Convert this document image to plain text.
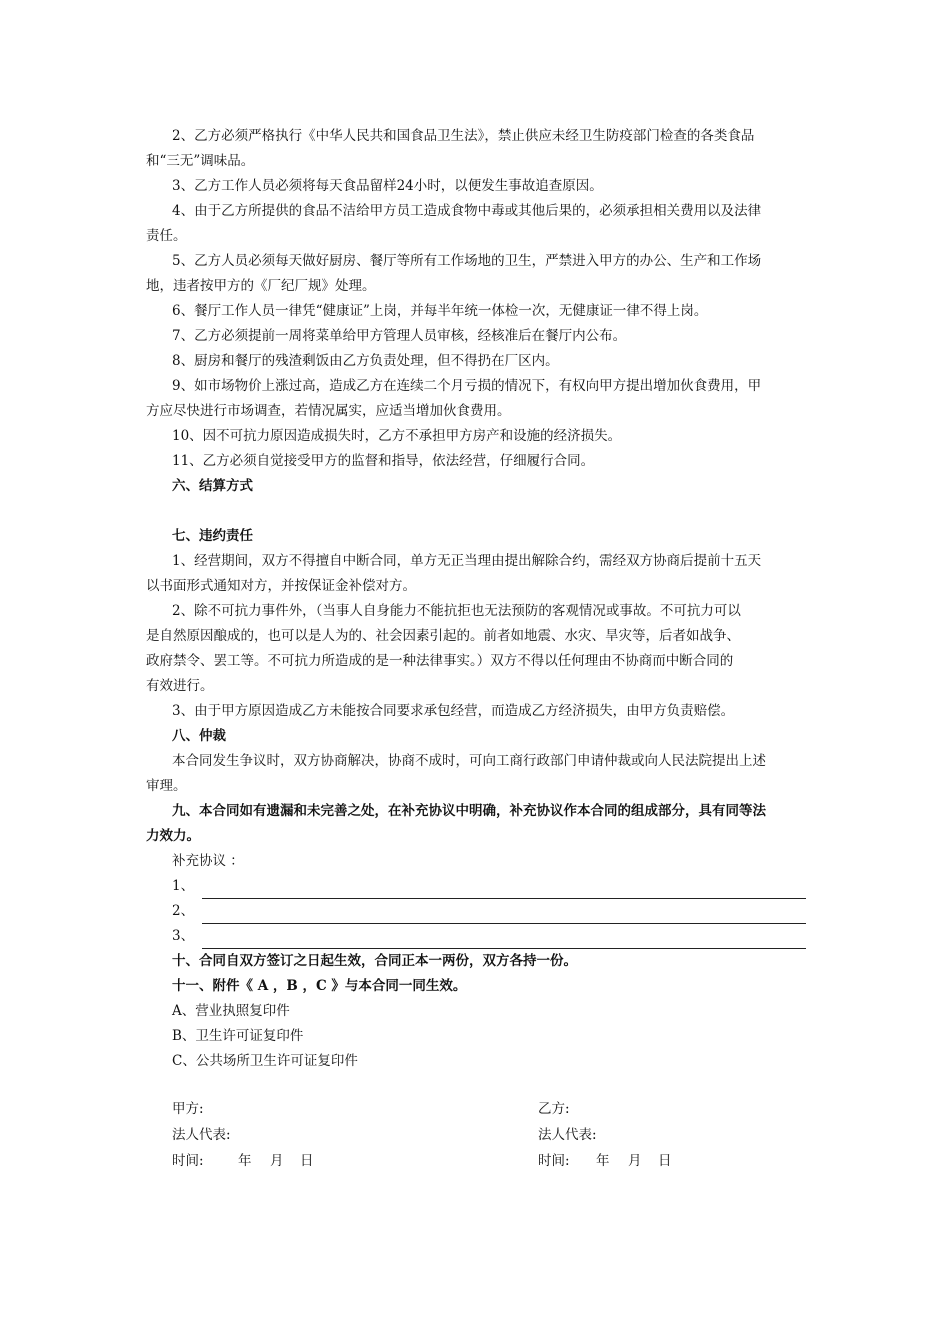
2、乙方必须严格执行《中华人民共和国食品卫生法》，禁止供应未经卫生防疫部门检查的各类食品
和“三无”调味品。

3、乙方工作人员必须将每天食品留样24小时，以便发生事故追查原因。

4、由于乙方所提供的食品不洁给甲方员工造成食物中毒或其他后果的，必须承担相关费用以及法律
责任。

5、乙方人员必须每天做好厨房、餐厅等所有工作场地的卫生，严禁进入甲方的办公、生产和工作场
地，违者按甲方的《厂纪厂规》处理。

6、餐厅工作人员一律凭“健康证”上岗，并每半年统一体检一次，无健康证一律不得上岗。

7、乙方必须提前一周将菜单给甲方管理人员审核，经核准后在餐厅内公布。

8、厨房和餐厅的残渣剩饭由乙方负责处理，但不得扔在厂区内。

9、如市场物价上涨过高，造成乙方在连续二个月亏损的情况下，有权向甲方提出增加伙食费用，甲
方应尽快进行市场调查，若情况属实，应适当增加伙食费用。

10、因不可抗力原因造成损失时，乙方不承担甲方房产和设施的经济损失。

11、乙方必须自觉接受甲方的监督和指导，依法经营，仔细履行合同。

六、结算方式

七、违约责任

1、经营期间，双方不得擅自中断合同，单方无正当理由提出解除合约，需经双方协商后提前十五天
以书面形式通知对方，并按保证金补偿对方。

2、除不可抗力事件外，（当事人自身能力不能抗拒也无法预防的客观情况或事故。不可抗力可以
是自然原因酿成的，也可以是人为的、社会因素引起的。前者如地震、水灾、旱灾等，后者如战争、
政府禁令、罢工等。不可抗力所造成的是一种法律事实。）双方不得以任何理由不协商而中断合同的
有效进行。

3、由于甲方原因造成乙方未能按合同要求承包经营，而造成乙方经济损失，由甲方负责赔偿。

八、仲裁

本合同发生争议时，双方协商解决，协商不成时，可向工商行政部门申请仲裁或向人民法院提出上述
审理。

九、本合同如有遗漏和未完善之处，在补充协议中明确，补充协议作本合同的组成部分，具有同等法
力效力。

补充协议 ：

1、
2、
3、

十、合同自双方签订之日起生效，合同正本一两份，双方各持一份。

十一、附件《 A ，B ，C 》与本合同一同生效。

A、营业执照复印件

B、卫生许可证复印件

C、公共场所卫生许可证复印件

甲方:
法人代表:
时间:	年 月 日
乙方:
法人代表:
时间: 年 月 日
